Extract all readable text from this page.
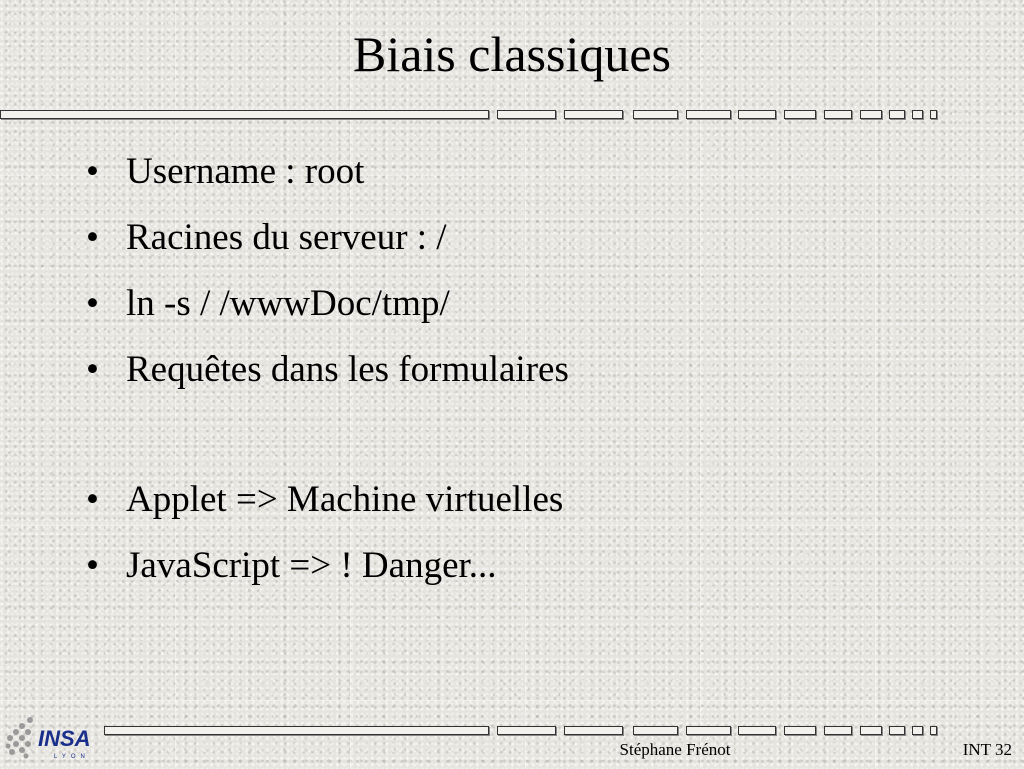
Biais classiques
• Username : root
• Racines du serveur : /
• ln -s / /wwwDoc/tmp/
• Requêtes dans les formulaires
• Applet => Machine virtuelles
• JavaScript => ! Danger...
INSA
LYON	Stéphane Frénot	INT 32
